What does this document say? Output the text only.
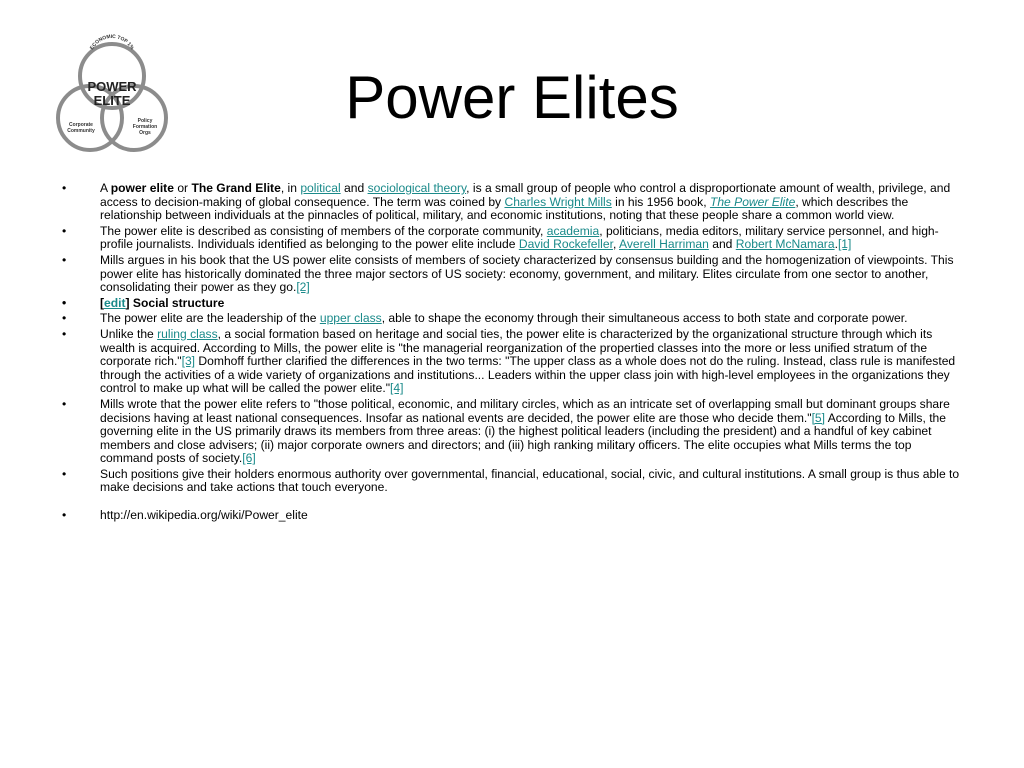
ECONOMIC TOP 1%
POWER
ELITE
Corporate
Community
Policy
Formation
Orgs
Power Elites
• A power elite or The Grand Elite, in political and sociological theory, is a small group of people who control a disproportionate amount of wealth, privilege, and access to decision-making of global consequence. The term was coined by Charles Wright Mills in his 1956 book, The Power Elite, which describes the relationship between individuals at the pinnacles of political, military, and economic institutions, noting that these people share a common world view.
• The power elite is described as consisting of members of the corporate community, academia, politicians, media editors, military service personnel, and high-profile journalists. Individuals identified as belonging to the power elite include David Rockefeller, Averell Harriman and Robert McNamara.[1]
• Mills argues in his book that the US power elite consists of members of society characterized by consensus building and the homogenization of viewpoints. This power elite has historically dominated the three major sectors of US society: economy, government, and military. Elites circulate from one sector to another, consolidating their power as they go.[2]
• [edit] Social structure
• The power elite are the leadership of the upper class, able to shape the economy through their simultaneous access to both state and corporate power.
• Unlike the ruling class, a social formation based on heritage and social ties, the power elite is characterized by the organizational structure through which its wealth is acquired. According to Mills, the power elite is "the managerial reorganization of the propertied classes into the more or less unified stratum of the corporate rich."[3] Domhoff further clarified the differences in the two terms: "The upper class as a whole does not do the ruling. Instead, class rule is manifested through the activities of a wide variety of organizations and institutions... Leaders within the upper class join with high-level employees in the organizations they control to make up what will be called the power elite."[4]
• Mills wrote that the power elite refers to "those political, economic, and military circles, which as an intricate set of overlapping small but dominant groups share decisions having at least national consequences. Insofar as national events are decided, the power elite are those who decide them."[5] According to Mills, the governing elite in the US primarily draws its members from three areas: (i) the highest political leaders (including the president) and a handful of key cabinet members and close advisers; (ii) major corporate owners and directors; and (iii) high ranking military officers. The elite occupies what Mills terms the top command posts of society.[6]
• Such positions give their holders enormous authority over governmental, financial, educational, social, civic, and cultural institutions. A small group is thus able to make decisions and take actions that touch everyone.
• http://en.wikipedia.org/wiki/Power_elite
